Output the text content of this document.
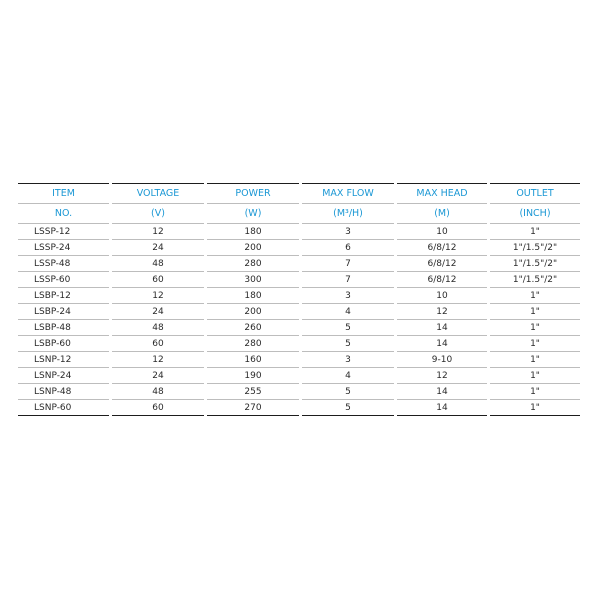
ITEM	VOLTAGE	POWER	MAX FLOW	MAX HEAD	OUTLET
NO.	(V)	(W)	(M³/H)	(M)	(INCH)
LSSP-12	12	180	3	10	1"
LSSP-24	24	200	6	6/8/12	1"/1.5"/2"
LSSP-48	48	280	7	6/8/12	1"/1.5"/2"
LSSP-60	60	300	7	6/8/12	1"/1.5"/2"
LSBP-12	12	180	3	10	1"
LSBP-24	24	200	4	12	1"
LSBP-48	48	260	5	14	1"
LSBP-60	60	280	5	14	1"
LSNP-12	12	160	3	9-10	1"
LSNP-24	24	190	4	12	1"
LSNP-48	48	255	5	14	1"
LSNP-60	60	270	5	14	1"
